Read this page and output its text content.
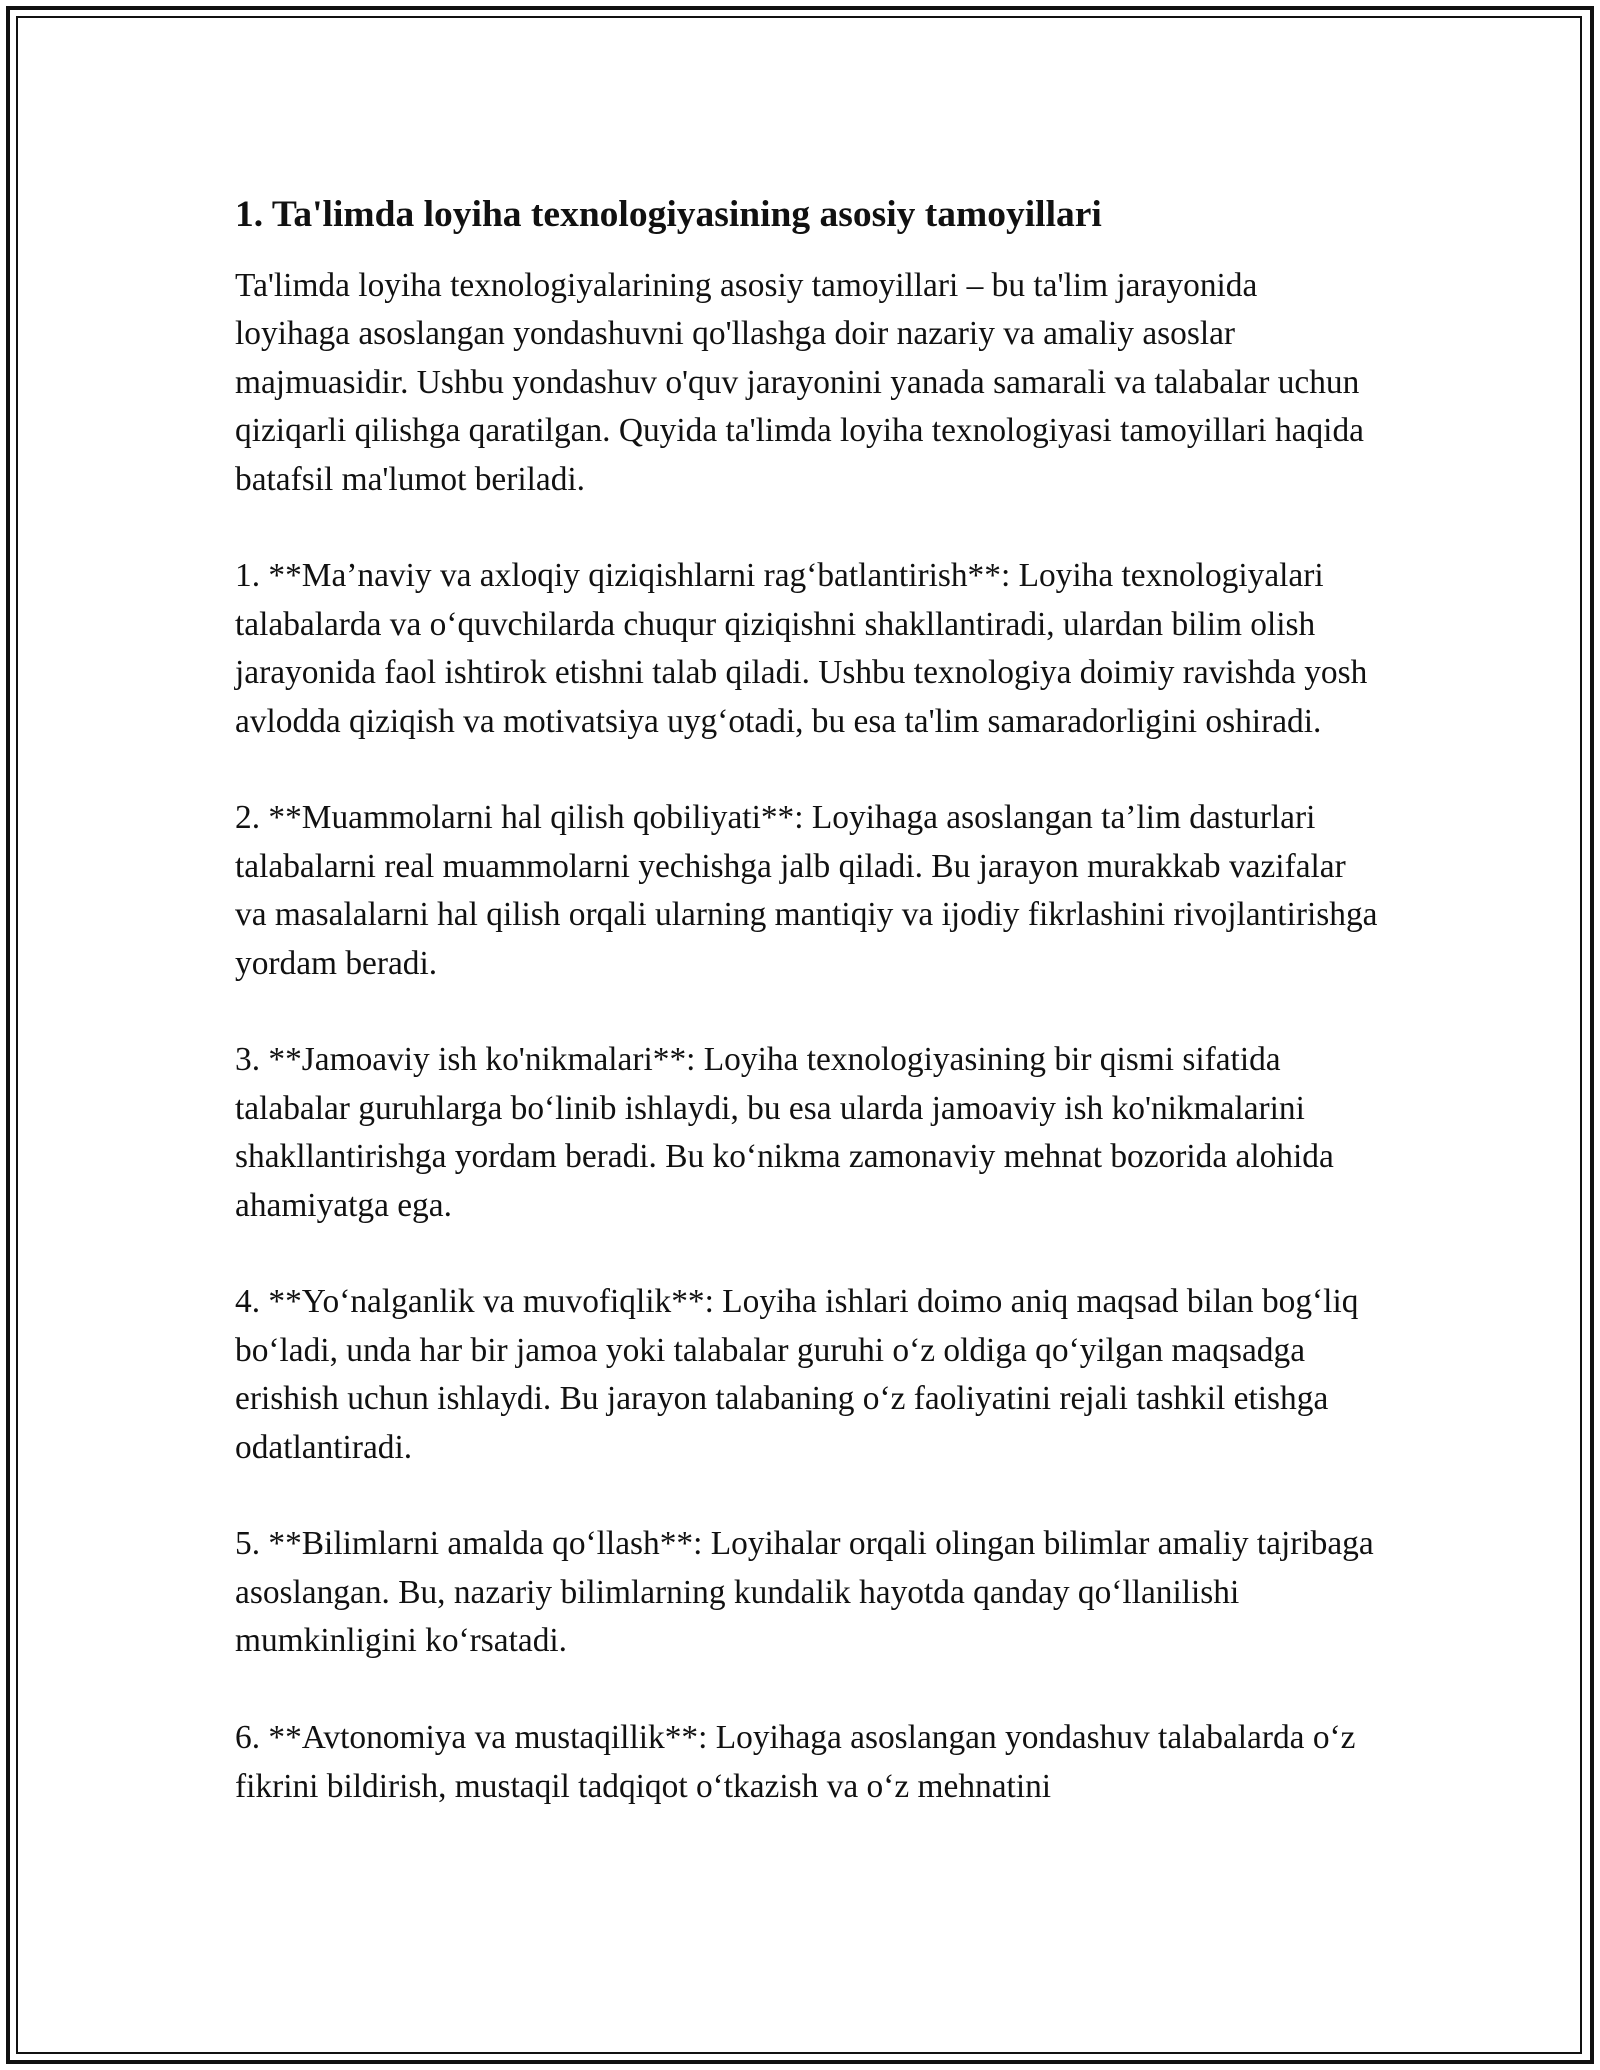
1. Ta'limda loyiha texnologiyasining asosiy tamoyillari

Ta'limda loyiha texnologiyalarining asosiy tamoyillari – bu ta'lim jarayonida loyihaga asoslangan yondashuvni qo'llashga doir nazariy va amaliy asoslar majmuasidir. Ushbu yondashuv o'quv jarayonini yanada samarali va talabalar uchun qiziqarli qilishga qaratilgan. Quyida ta'limda loyiha texnologiyasi tamoyillari haqida batafsil ma'lumot beriladi.

1. **Ma’naviy va axloqiy qiziqishlarni rag‘batlantirish**: Loyiha texnologiyalari talabalarda va o‘quvchilarda chuqur qiziqishni shakllantiradi, ulardan bilim olish jarayonida faol ishtirok etishni talab qiladi. Ushbu texnologiya doimiy ravishda yosh avlodda qiziqish va motivatsiya uyg‘otadi, bu esa ta'lim samaradorligini oshiradi.

2. **Muammolarni hal qilish qobiliyati**: Loyihaga asoslangan ta’lim dasturlari talabalarni real muammolarni yechishga jalb qiladi. Bu jarayon murakkab vazifalar va masalalarni hal qilish orqali ularning mantiqiy va ijodiy fikrlashini rivojlantirishga yordam beradi.

3. **Jamoaviy ish ko'nikmalari**: Loyiha texnologiyasining bir qismi sifatida talabalar guruhlarga bo‘linib ishlaydi, bu esa ularda jamoaviy ish ko'nikmalarini shakllantirishga yordam beradi. Bu ko‘nikma zamonaviy mehnat bozorida alohida ahamiyatga ega.

4. **Yo‘nalganlik va muvofiqlik**: Loyiha ishlari doimo aniq maqsad bilan bog‘liq bo‘ladi, unda har bir jamoa yoki talabalar guruhi o‘z oldiga qo‘yilgan maqsadga erishish uchun ishlaydi. Bu jarayon talabaning o‘z faoliyatini rejali tashkil etishga odatlantiradi.

5. **Bilimlarni amalda qo‘llash**: Loyihalar orqali olingan bilimlar amaliy tajribaga asoslangan. Bu, nazariy bilimlarning kundalik hayotda qanday qo‘llanilishi mumkinligini ko‘rsatadi.

6. **Avtonomiya va mustaqillik**: Loyihaga asoslangan yondashuv talabalarda o‘z fikrini bildirish, mustaqil tadqiqot o‘tkazish va o‘z mehnatini
